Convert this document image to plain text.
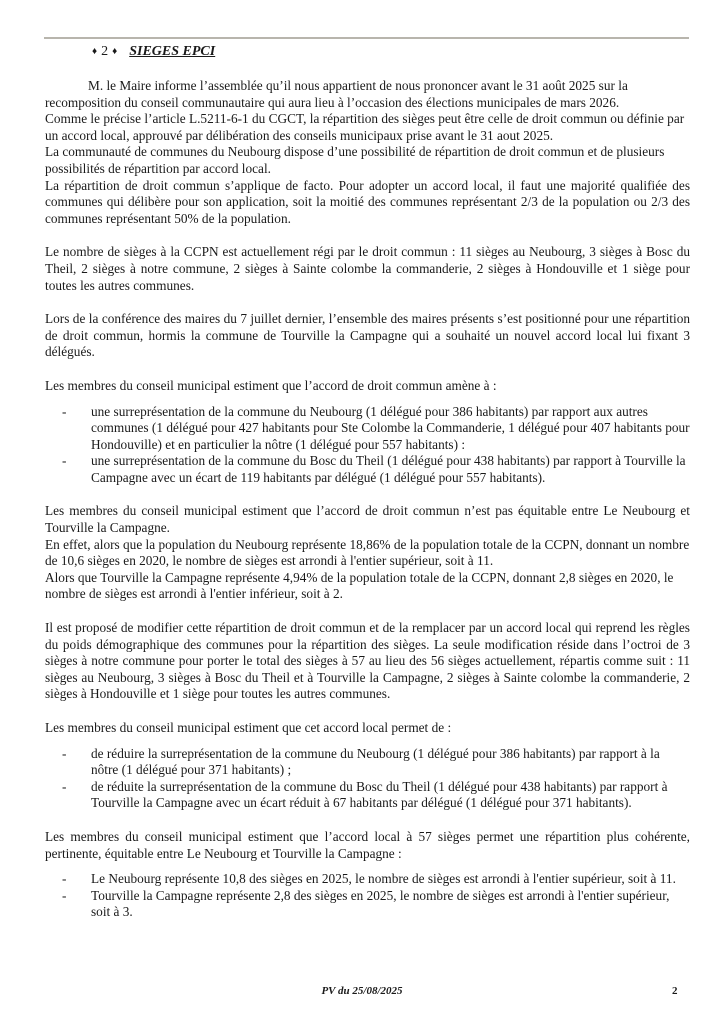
♦ 2 ♦ SIEGES EPCI

M. le Maire informe l’assemblée qu’il nous appartient de nous prononcer avant le 31 août 2025 sur la recomposition du conseil communautaire qui aura lieu à l’occasion des élections municipales de mars 2026.

Comme le précise l’article L.5211-6-1 du CGCT, la répartition des sièges peut être celle de droit commun ou définie par un accord local, approuvé par délibération des conseils municipaux prise avant le 31 aout 2025.

La communauté de communes du Neubourg dispose d’une possibilité de répartition de droit commun et de plusieurs possibilités de répartition par accord local.

La répartition de droit commun s’applique de facto. Pour adopter un accord local, il faut une majorité qualifiée des communes qui délibère pour son application, soit la moitié des communes représentant 2/3 de la population ou 2/3 des communes représentant 50% de la population.

Le nombre de sièges à la CCPN est actuellement régi par le droit commun : 11 sièges au Neubourg, 3 sièges à Bosc du Theil, 2 sièges à notre commune, 2 sièges à Sainte colombe la commanderie, 2 sièges à Hondouville et 1 siège pour toutes les autres communes.

Lors de la conférence des maires du 7 juillet dernier, l’ensemble des maires présents s’est positionné pour une répartition de droit commun, hormis la commune de Tourville la Campagne qui a souhaité un nouvel accord local lui fixant 3 délégués.

Les membres du conseil municipal estiment que l’accord de droit commun amène à :

- une surreprésentation de la commune du Neubourg (1 délégué pour 386 habitants) par rapport aux autres communes (1 délégué pour 427 habitants pour Ste Colombe la Commanderie, 1 délégué pour 407 habitants pour Hondouville) et en particulier la nôtre (1 délégué pour 557 habitants) :
- une surreprésentation de la commune du Bosc du Theil (1 délégué pour 438 habitants) par rapport à Tourville la Campagne avec un écart de 119 habitants par délégué (1 délégué pour 557 habitants).

Les membres du conseil municipal estiment que l’accord de droit commun n’est pas équitable entre Le Neubourg et Tourville la Campagne.

En effet, alors que la population du Neubourg représente 18,86% de la population totale de la CCPN, donnant un nombre de 10,6 sièges en 2020, le nombre de sièges est arrondi à l'entier supérieur, soit à 11.

Alors que Tourville la Campagne représente 4,94% de la population totale de la CCPN, donnant 2,8 sièges en 2020, le nombre de sièges est arrondi à l'entier inférieur, soit à 2.

Il est proposé de modifier cette répartition de droit commun et de la remplacer par un accord local qui reprend les règles du poids démographique des communes pour la répartition des sièges. La seule modification réside dans l’octroi de 3 sièges à notre commune pour porter le total des sièges à 57 au lieu des 56 sièges actuellement, répartis comme suit : 11 sièges au Neubourg, 3 sièges à Bosc du Theil et à Tourville la Campagne, 2 sièges à Sainte colombe la commanderie, 2 sièges à Hondouville et 1 siège pour toutes les autres communes.

Les membres du conseil municipal estiment que cet accord local permet de :

- de réduire la surreprésentation de la commune du Neubourg (1 délégué pour 386 habitants) par rapport à la nôtre (1 délégué pour 371 habitants) ;
- de réduite la surreprésentation de la commune du Bosc du Theil (1 délégué pour 438 habitants) par rapport à Tourville la Campagne avec un écart réduit à 67 habitants par délégué (1 délégué pour 371 habitants).

Les membres du conseil municipal estiment que l’accord local à 57 sièges permet une répartition plus cohérente, pertinente, équitable entre Le Neubourg et Tourville la Campagne :

- Le Neubourg représente 10,8 des sièges en 2025, le nombre de sièges est arrondi à l'entier supérieur, soit à 11.
- Tourville la Campagne représente 2,8 des sièges en 2025, le nombre de sièges est arrondi à l'entier supérieur, soit à 3.
PV du 25/08/2025	2
